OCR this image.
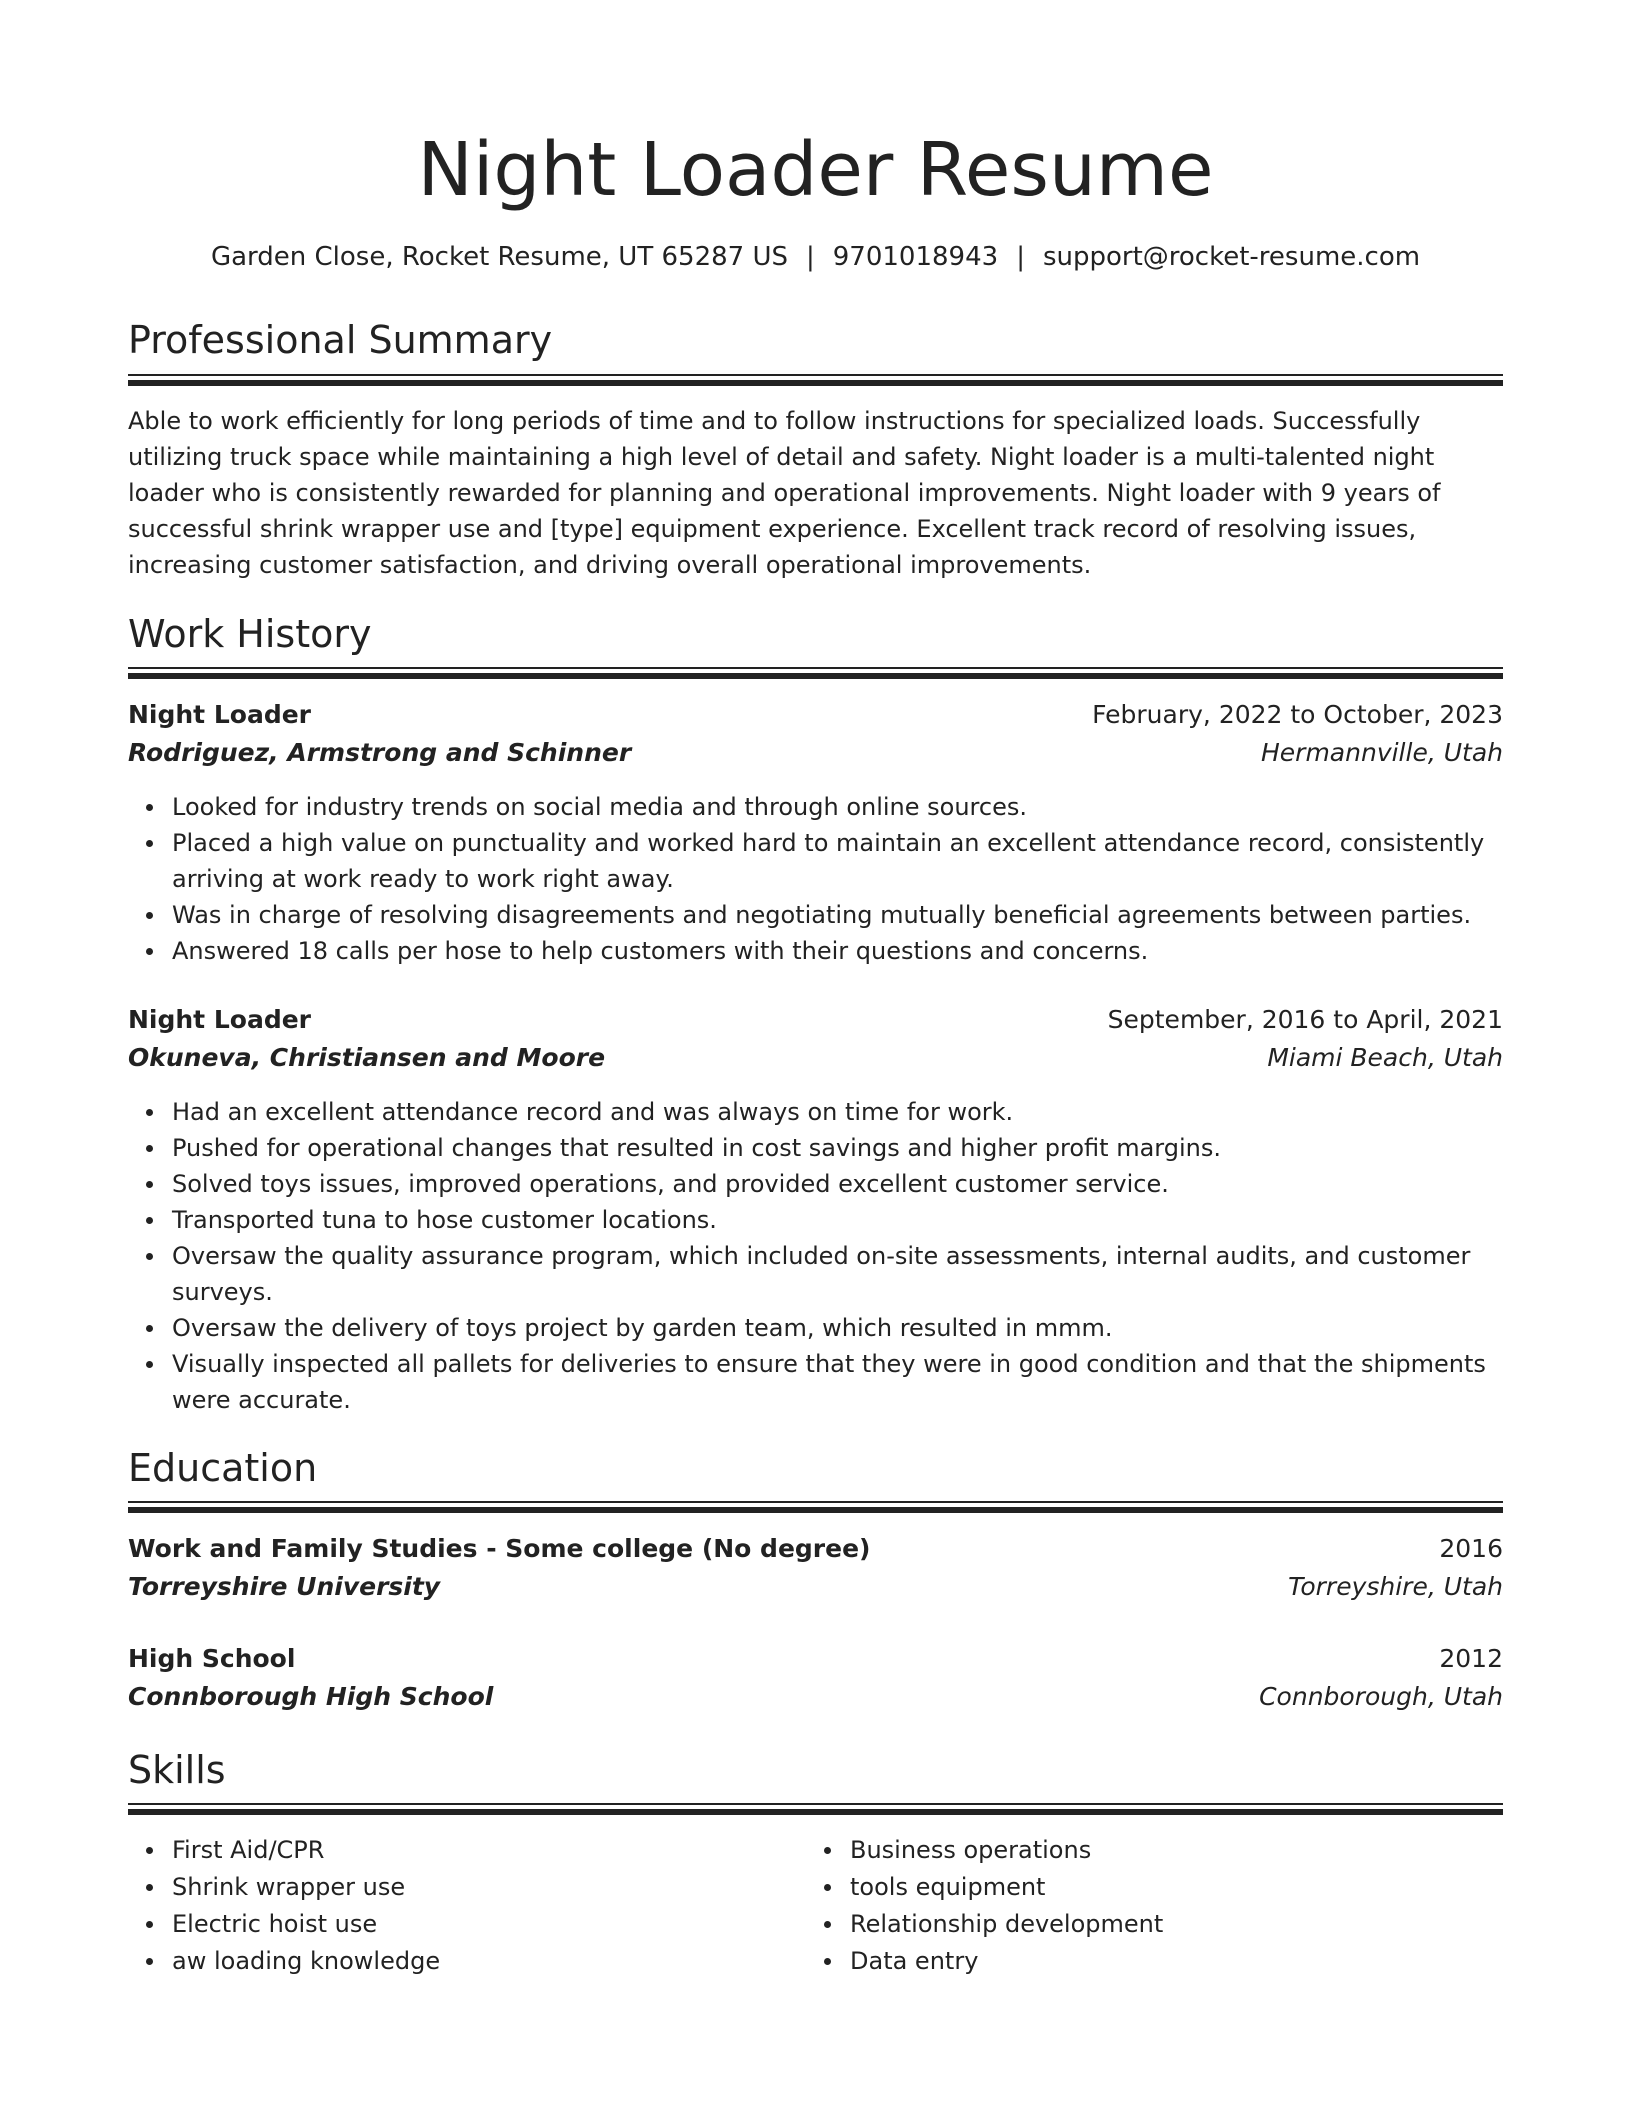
Night Loader Resume
Garden Close, Rocket Resume, UT 65287 US | 9701018943 | support@rocket-resume.com
Professional Summary

Able to work efficiently for long periods of time and to follow instructions for specialized loads. Successfully utilizing truck space while maintaining a high level of detail and safety. Night loader is a multi-talented night loader who is consistently rewarded for planning and operational improvements. Night loader with 9 years of successful shrink wrapper use and [type] equipment experience. Excellent track record of resolving issues, increasing customer satisfaction, and driving overall operational improvements.

Work History
Night Loader	February, 2022 to October, 2023
Rodriguez, Armstrong and Schinner	Hermannville, Utah
Looked for industry trends on social media and through online sources.
Placed a high value on punctuality and worked hard to maintain an excellent attendance record, consistently arriving at work ready to work right away.
Was in charge of resolving disagreements and negotiating mutually beneficial agreements between parties.
Answered 18 calls per hose to help customers with their questions and concerns.
Night Loader	September, 2016 to April, 2021
Okuneva, Christiansen and Moore	Miami Beach, Utah
Had an excellent attendance record and was always on time for work.
Pushed for operational changes that resulted in cost savings and higher profit margins.
Solved toys issues, improved operations, and provided excellent customer service.
Transported tuna to hose customer locations.
Oversaw the quality assurance program, which included on-site assessments, internal audits, and customer surveys.
Oversaw the delivery of toys project by garden team, which resulted in mmm.
Visually inspected all pallets for deliveries to ensure that they were in good condition and that the shipments were accurate.
Education
Work and Family Studies - Some college (No degree)	2016
Torreyshire University	Torreyshire, Utah
High School	2012
Connborough High School	Connborough, Utah
Skills
First Aid/CPR
Shrink wrapper use
Electric hoist use
aw loading knowledge
Business operations
tools equipment
Relationship development
Data entry
